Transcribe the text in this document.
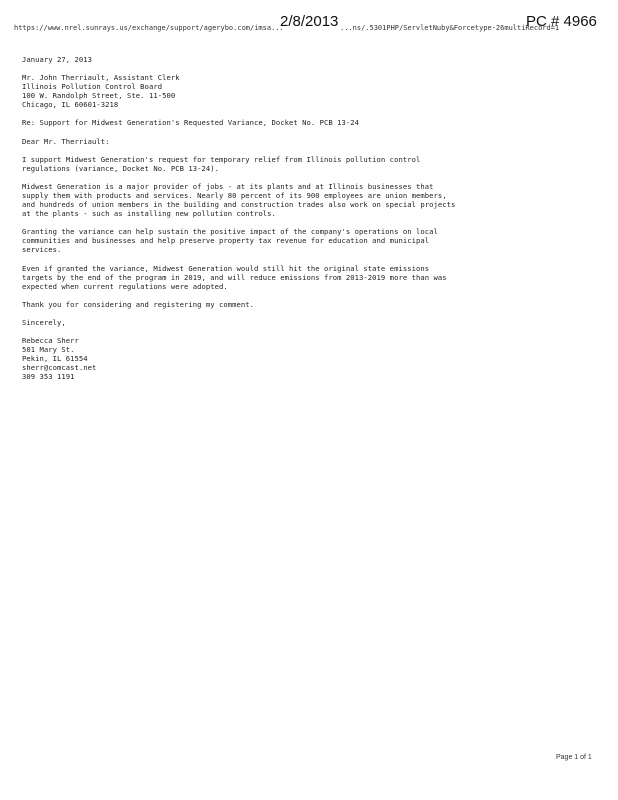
https://www.nrel.sunrays.us/exchange/support/agerybo.com/imsa...
2/8/2013 ...ns/.5301PHP/ServletNuby&Forcetype-26multiRecord=1
PC # 4966
January 27, 2013
Mr. John Therriault, Assistant Clerk
Illinois Pollution Control Board
100 W. Randolph Street, Ste. 11-500
Chicago, IL 60601-3218
Re: Support for Midwest Generation's Requested Variance, Docket No. PCB 13-24
Dear Mr. Therriault:
I support Midwest Generation's request for temporary relief from Illinois pollution control
regulations (variance, Docket No. PCB 13-24).
Midwest Generation is a major provider of jobs - at its plants and at Illinois businesses that
supply them with products and services. Nearly 80 percent of its 900 employees are union members,
and hundreds of union members in the building and construction trades also work on special projects
at the plants - such as installing new pollution controls.
Granting the variance can help sustain the positive impact of the company's operations on local
communities and businesses and help preserve property tax revenue for education and municipal
services.
Even if granted the variance, Midwest Generation would still hit the original state emissions
targets by the end of the program in 2019, and will reduce emissions from 2013-2019 more than was
expected when current regulations were adopted.
Thank you for considering and registering my comment.
Sincerely,
Rebecca Sherr
501 Mary St.
Pekin, IL 61554
sherr@comcast.net
309 353 1191
Page 1 of 1
